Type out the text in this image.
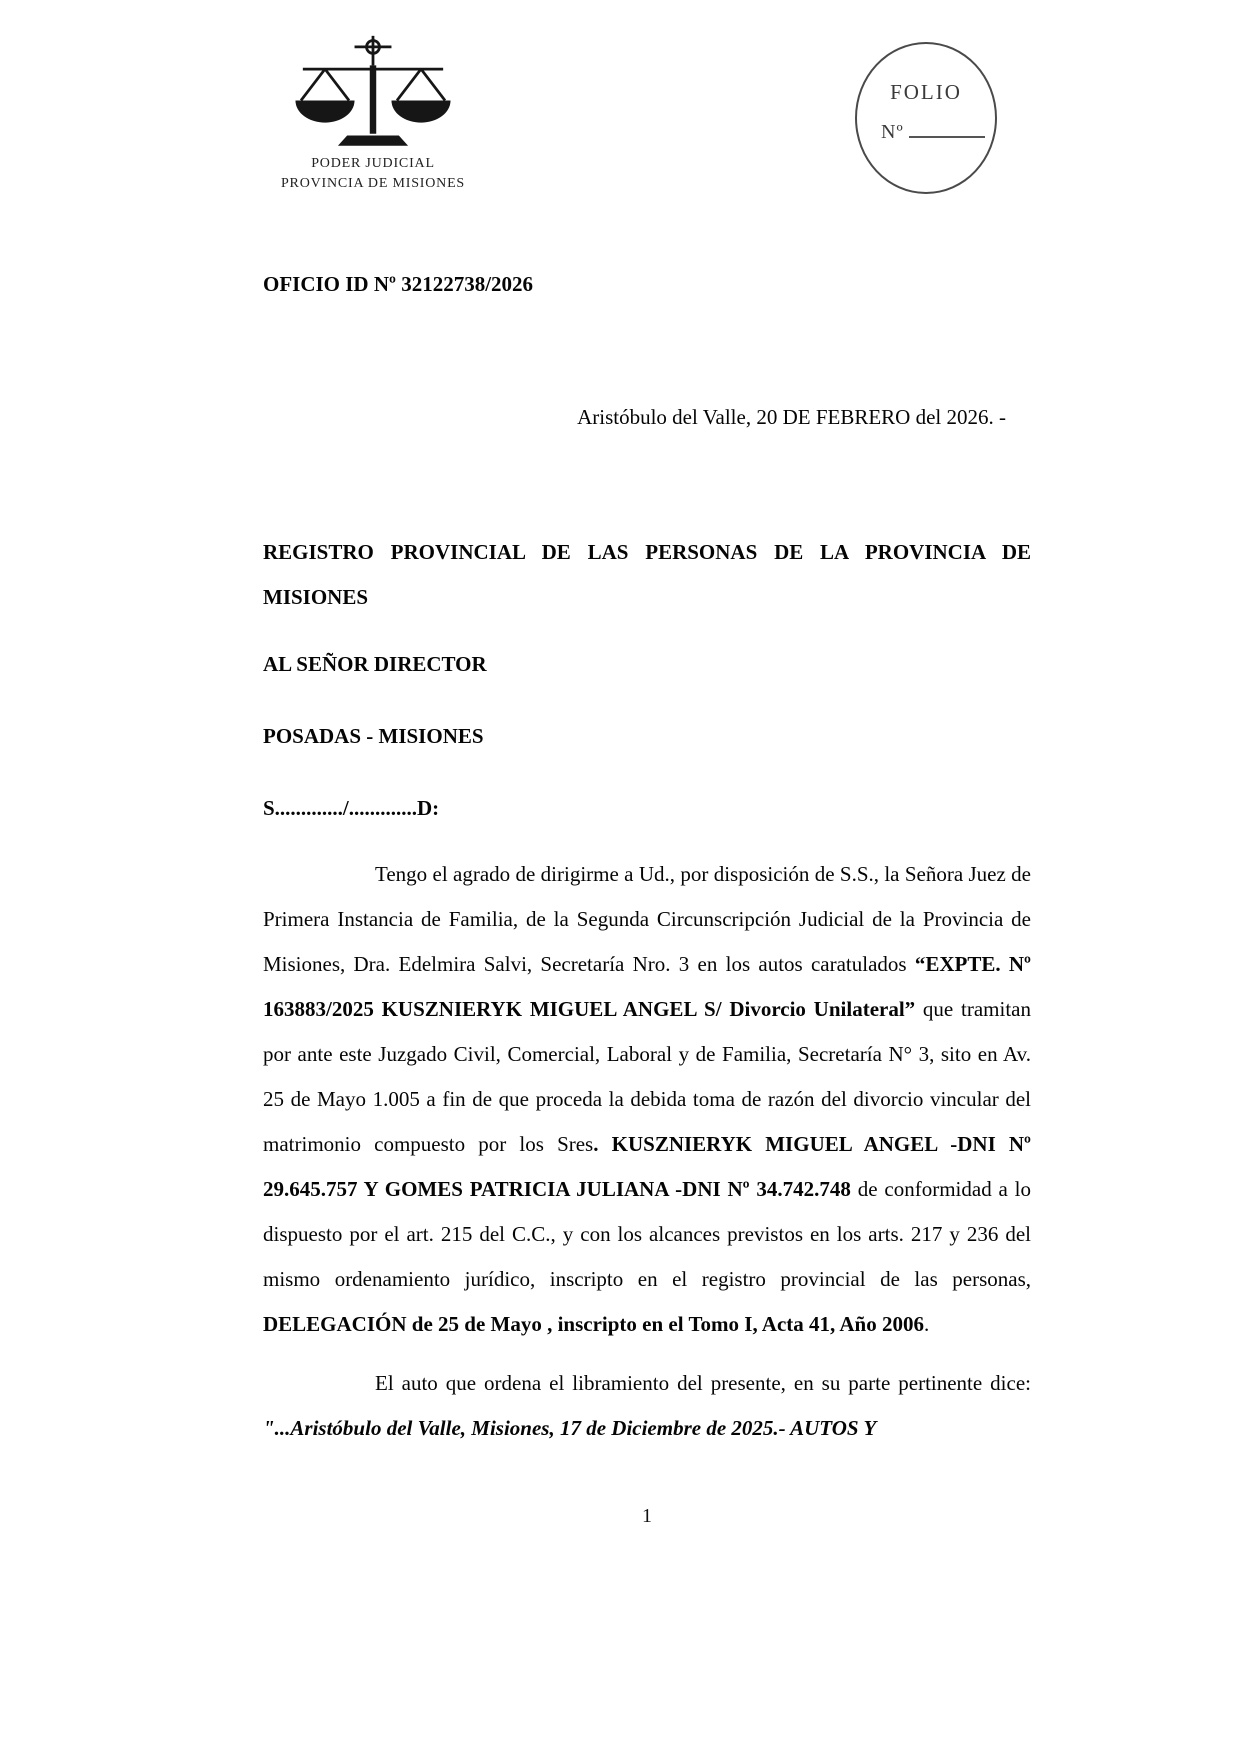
PODER JUDICIAL
PROVINCIA DE MISIONES
FOLIO
Nº
OFICIO ID Nº 32122738/2026
Aristóbulo del Valle, 20 DE FEBRERO del 2026. -
REGISTRO PROVINCIAL DE LAS PERSONAS DE LA PROVINCIA DE MISIONES
AL SEÑOR DIRECTOR
POSADAS - MISIONES
S............./.............D:

Tengo el agrado de dirigirme a Ud., por disposición de S.S., la Señora Juez de Primera Instancia de Familia, de la Segunda Circunscripción Judicial de la Provincia de Misiones, Dra. Edelmira Salvi, Secretaría Nro. 3 en los autos caratulados “EXPTE. Nº 163883/2025 KUSZNIERYK MIGUEL ANGEL S/ Divorcio Unilateral” que tramitan por ante este Juzgado Civil, Comercial, Laboral y de Familia, Secretaría N° 3, sito en Av. 25 de Mayo 1.005 a fin de que proceda la debida toma de razón del divorcio vincular del matrimonio compuesto por los Sres. KUSZNIERYK MIGUEL ANGEL -DNI Nº 29.645.757 Y GOMES PATRICIA JULIANA -DNI Nº 34.742.748 de conformidad a lo dispuesto por el art. 215 del C.C., y con los alcances previstos en los arts. 217 y 236 del mismo ordenamiento jurídico, inscripto en el registro provincial de las personas, DELEGACIÓN de 25 de Mayo , inscripto en el Tomo I, Acta 41, Año 2006.

El auto que ordena el libramiento del presente, en su parte pertinente dice: "...Aristóbulo del Valle, Misiones, 17 de Diciembre de 2025.- AUTOS Y

1
